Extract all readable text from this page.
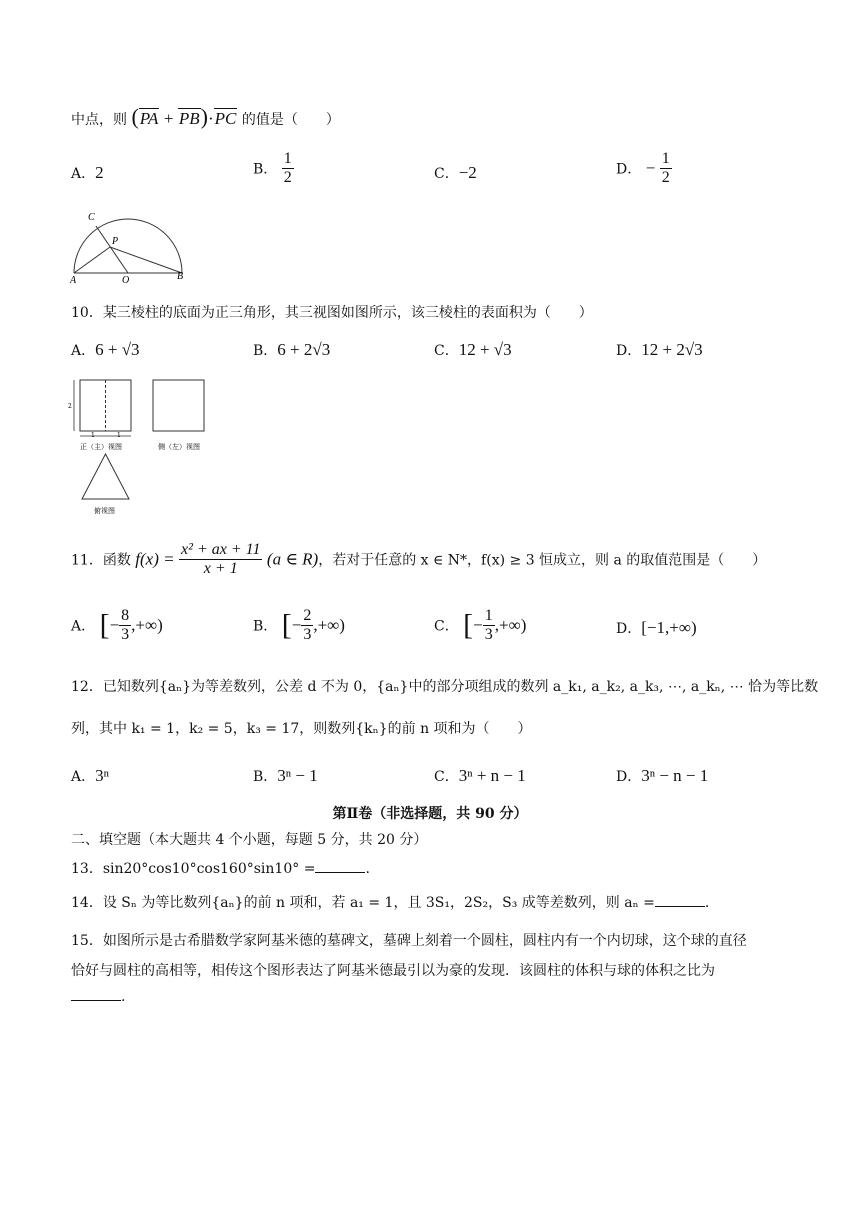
中点，则 (PA + PB)·PC 的值是（　　）
A．2	B． $\frac{1}{2}$	C．−2	D． − $\frac{1}{2}$
C
P
A	O	B
10．某三棱柱的底面为正三角形，其三视图如图所示，该三棱柱的表面积为（　　）
A．6 + √3	B．6 + 2√3	C．12 + √3	D．12 + 2√3
2
1	1
正（主）视图	侧（左）视图
俯视图
11．函数 $f(x) = \frac{\text{x² + ax + 11}}{x + 1} (a$ ∈ R)，若对于任意的 x ∈ N*，f(x) ≥ 3 恒成立，则 a 的取值范围是（　　）
A． [− $\frac{8}{3}$ ,+∞)	B． [− $\frac{2}{3}$ ,+∞)	C． [− $\frac{1}{3}$ ,+∞)	D．[−1,+∞)
12．已知数列{aₙ}为等差数列，公差 d 不为 0，{aₙ}中的部分项组成的数列 a_k₁, a_k₂, a_k₃, ⋯, a_kₙ, ⋯ 恰为等比数
列，其中 k₁ = 1，k₂ = 5，k₃ = 17，则数列{kₙ}的前 n 项和为（　　）
A．3ⁿ	B．3ⁿ − 1	C．3ⁿ + n − 1	D．3ⁿ − n − 1
第Ⅱ卷（非选择题，共 90 分）
二、填空题（本大题共 4 个小题，每题 5 分，共 20 分）
13．sin20°cos10°cos160°sin10° =	.
14．设 Sₙ 为等比数列{aₙ}的前 n 项和，若 a₁ = 1，且 3S₁，2S₂，S₃ 成等差数列，则 aₙ =	.
15．如图所示是古希腊数学家阿基米德的墓碑文，墓碑上刻着一个圆柱，圆柱内有一个内切球，这个球的直径
恰好与圆柱的高相等，相传这个图形表达了阿基米德最引以为豪的发现．该圆柱的体积与球的体积之比为
.
